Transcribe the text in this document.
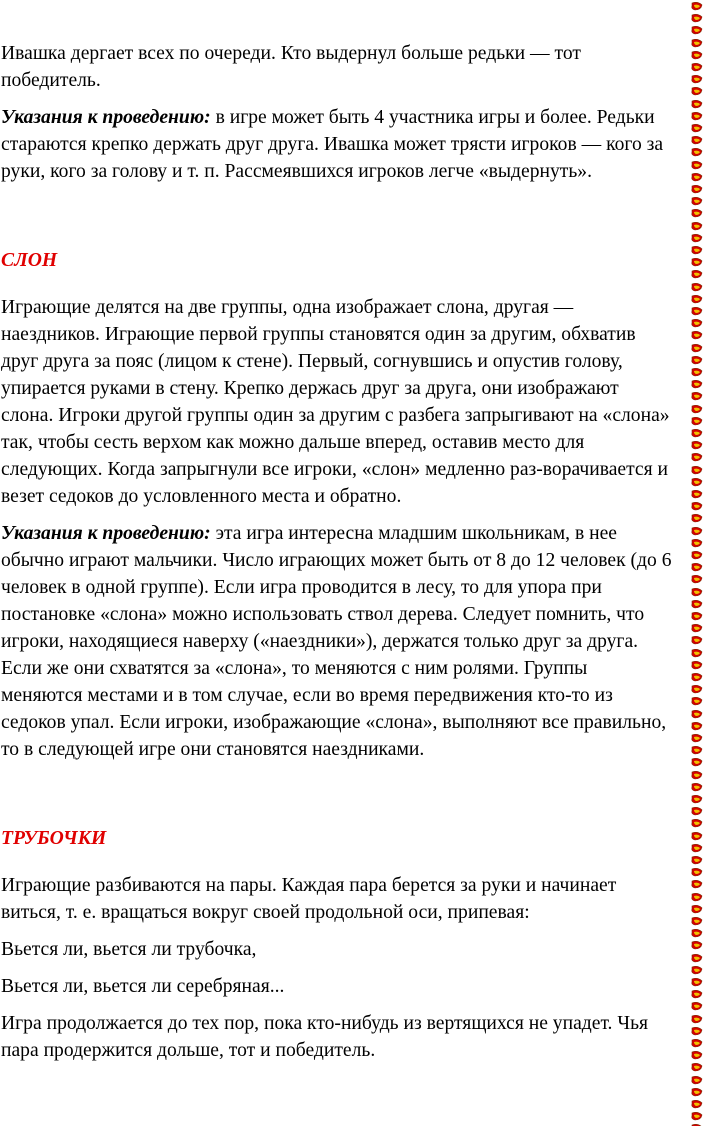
Ивашка дергает всех по очереди. Кто выдернул больше редьки — тот
победитель.

Указания к проведению: в игре может быть 4 участника игры и более. Редьки
стараются крепко держать друг друга. Ивашка может трясти игроков — кого за
руки, кого за голову и т. п. Рассмеявшихся игроков легче «выдернуть».

СЛОН

Играющие делятся на две группы, одна изображает слона, другая —
наездников. Играющие первой группы становятся один за другим, обхватив
друг друга за пояс (лицом к стене). Первый, согнувшись и опустив голову,
упирается руками в стену. Крепко держась друг за друга, они изображают
слона. Игроки другой группы один за другим с разбега запрыгивают на «слона»
так, чтобы сесть верхом как можно дальше вперед, оставив место для
следующих. Когда запрыгнули все игроки, «слон» медленно раз-ворачивается и
везет седоков до условленного места и обратно.

Указания к проведению: эта игра интересна младшим школьникам, в нее
обычно играют мальчики. Число играющих может быть от 8 до 12 человек (до 6
человек в одной группе). Если игра проводится в лесу, то для упора при
постановке «слона» можно использовать ствол дерева. Следует помнить, что
игроки, находящиеся наверху («наездники»), держатся только друг за друга.
Если же они схватятся за «слона», то меняются с ним ролями. Группы
меняются местами и в том случае, если во время передвижения кто-то из
седоков упал. Если игроки, изображающие «слона», выполняют все правильно,
то в следующей игре они становятся наездниками.

ТРУБОЧКИ

Играющие разбиваются на пары. Каждая пара берется за руки и начинает
виться, т. е. вращаться вокруг своей продольной оси, припевая:

Вьется ли, вьется ли трубочка,

Вьется ли, вьется ли серебряная...

Игра продолжается до тех пор, пока кто-нибудь из вертящихся не упадет. Чья
пара продержится дольше, тот и победитель.
